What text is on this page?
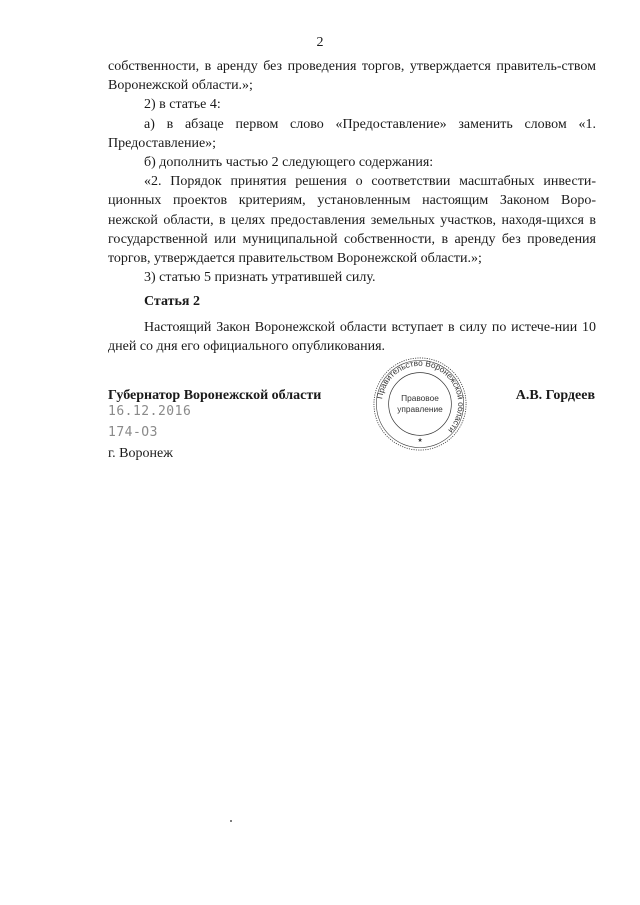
2

собственности, в аренду без проведения торгов, утверждается правитель-ством Воронежской области.»;

2) в статье 4:

а) в абзаце первом слово «Предоставление» заменить словом «1. Предоставление»;

б) дополнить частью 2 следующего содержания:

«2. Порядок принятия решения о соответствии масштабных инвести-ционных проектов критериям, установленным настоящим Законом Воро-нежской области, в целях предоставления земельных участков, находя-щихся в государственной или муниципальной собственности, в аренду без проведения торгов, утверждается правительством Воронежской области.»;

3) статью 5 признать утратившей силу.

Статья 2

Настоящий Закон Воронежской области вступает в силу по истече-нии 10 дней со дня его официального опубликования.

Губернатор Воронежской области	А.В. Гордеев
16.12.2016
174-ОЗ
г. Воронеж
Правительство Воронежской области
Правовое
управление
★
